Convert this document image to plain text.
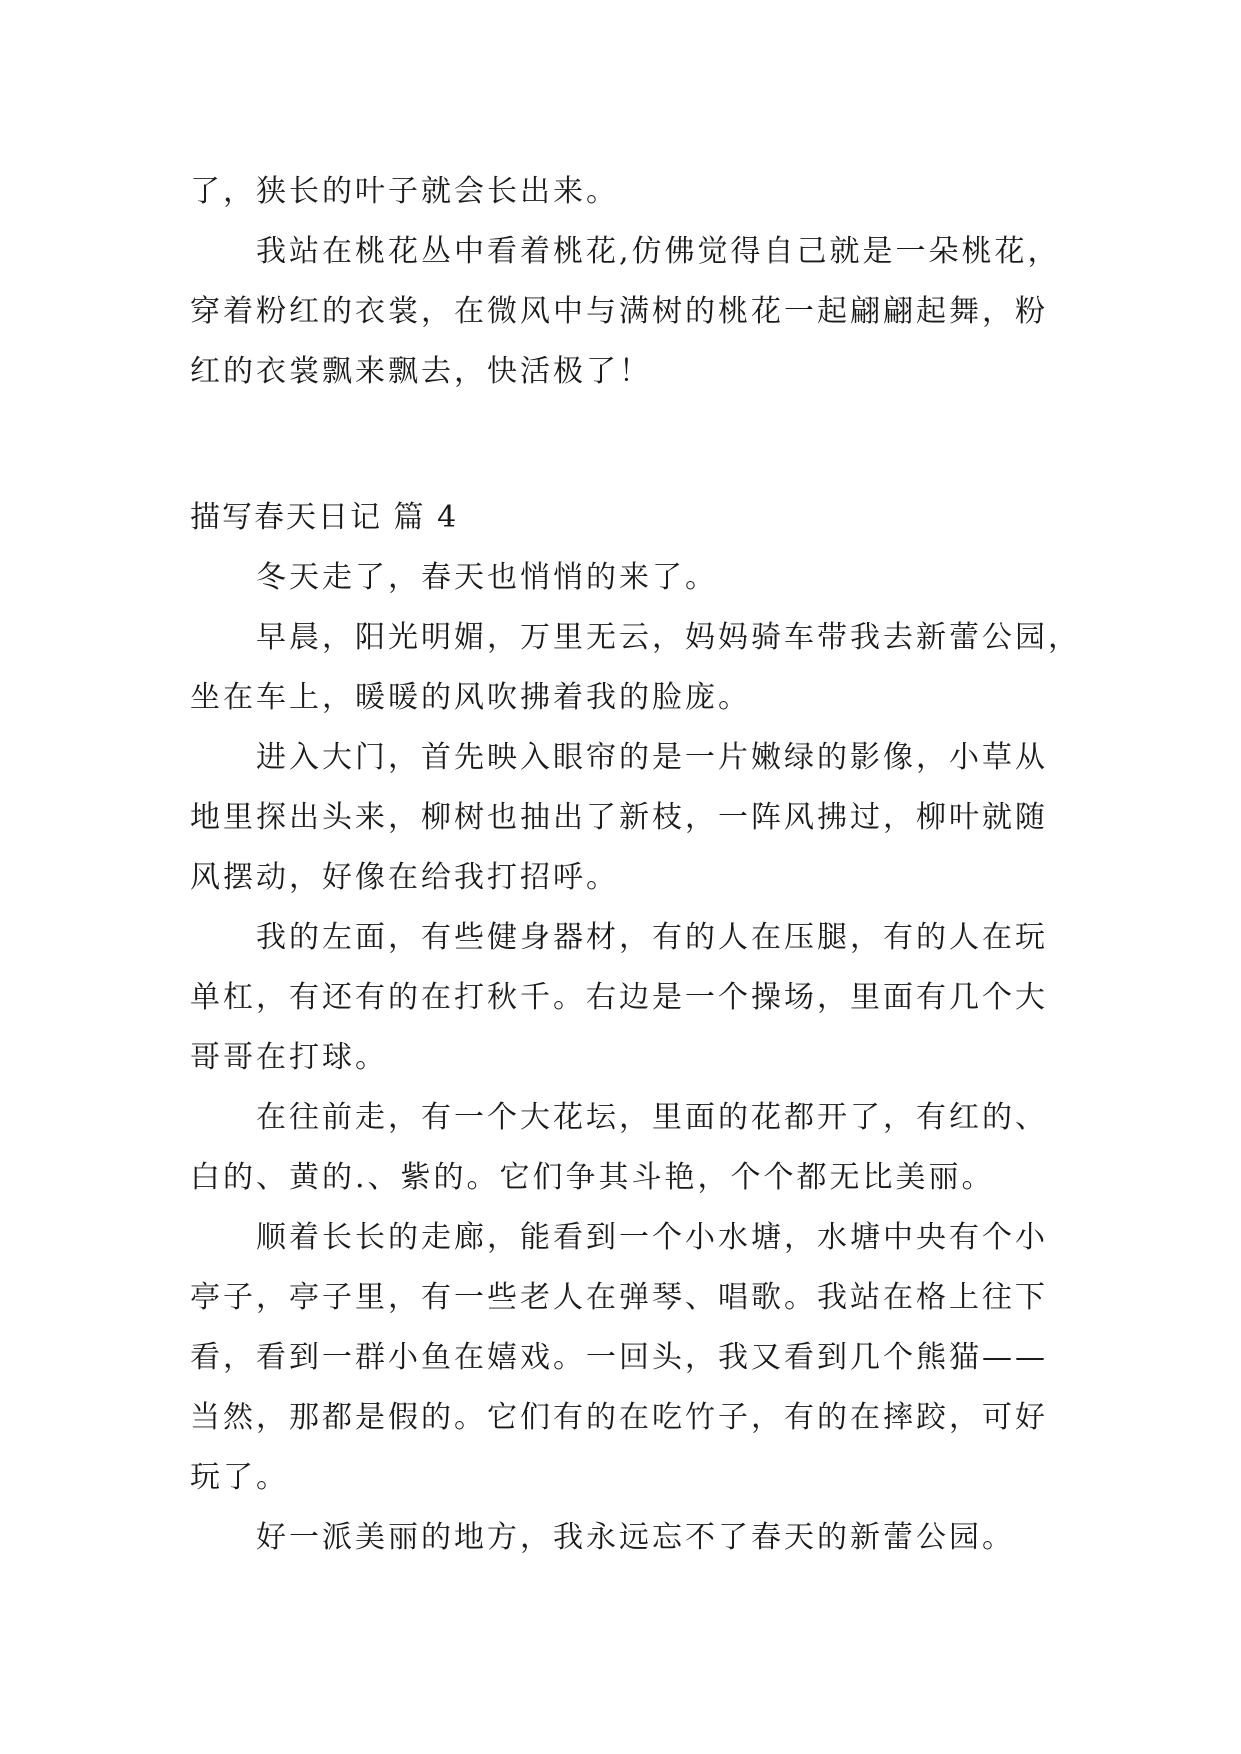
了，狭长的叶子就会长出来。
我站在桃花丛中看着桃花,仿佛觉得自己就是一朵桃花，
穿着粉红的衣裳，在微风中与满树的桃花一起翩翩起舞，粉
红的衣裳飘来飘去，快活极了！
描写春天日记 篇 4
冬天走了，春天也悄悄的来了。
早晨，阳光明媚，万里无云，妈妈骑车带我去新蕾公园，
坐在车上，暖暖的风吹拂着我的脸庞。
进入大门，首先映入眼帘的是一片嫩绿的影像，小草从
地里探出头来，柳树也抽出了新枝，一阵风拂过，柳叶就随
风摆动，好像在给我打招呼。
我的左面，有些健身器材，有的人在压腿，有的人在玩
单杠，有还有的在打秋千。右边是一个操场，里面有几个大
哥哥在打球。
在往前走，有一个大花坛，里面的花都开了，有红的、
白的、黄的.、紫的。它们争其斗艳，个个都无比美丽。
顺着长长的走廊，能看到一个小水塘，水塘中央有个小
亭子，亭子里，有一些老人在弹琴、唱歌。我站在格上往下
看，看到一群小鱼在嬉戏。一回头，我又看到几个熊猫——
当然，那都是假的。它们有的在吃竹子，有的在摔跤，可好
玩了。
好一派美丽的地方，我永远忘不了春天的新蕾公园。
